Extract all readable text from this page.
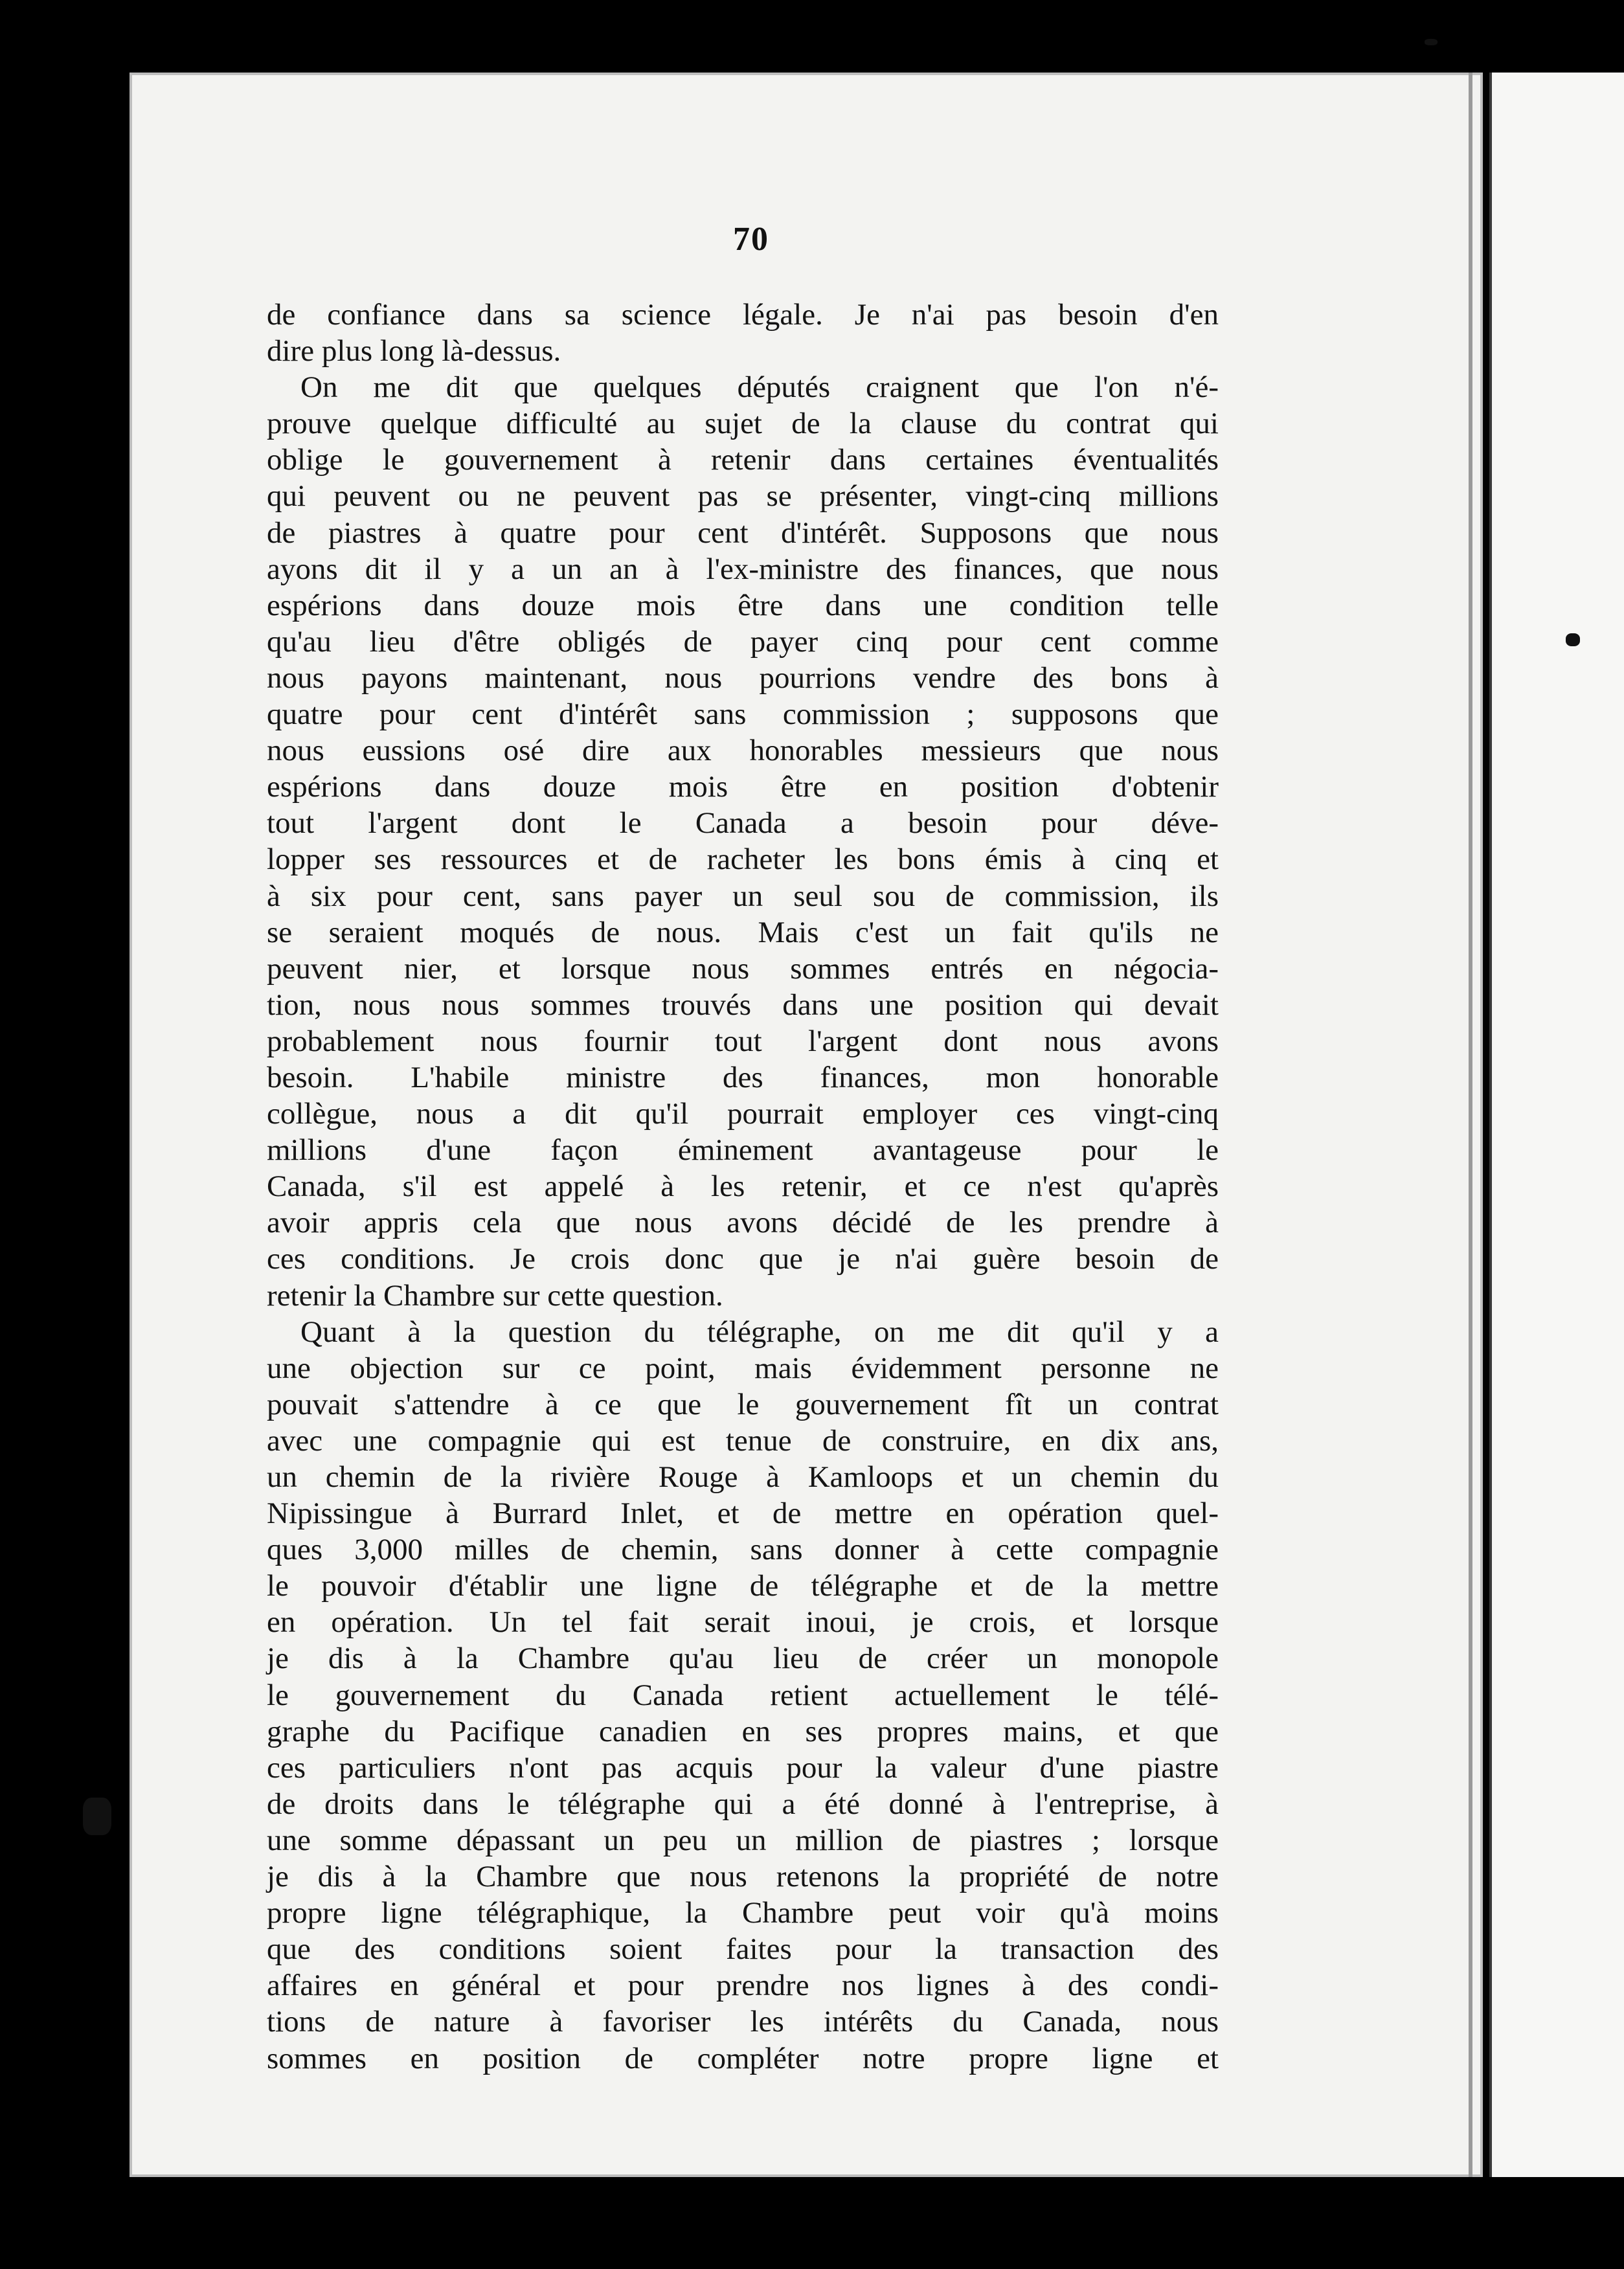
70
de confiance dans sa science légale. Je n'ai pas besoin d'en
dire plus long là-dessus.
On me dit que quelques députés craignent que l'on n'é-
prouve quelque difficulté au sujet de la clause du contrat qui
oblige le gouvernement à retenir dans certaines éventualités
qui peuvent ou ne peuvent pas se présenter, vingt-cinq millions
de piastres à quatre pour cent d'intérêt. Supposons que nous
ayons dit il y a un an à l'ex-ministre des finances, que nous
espérions dans douze mois être dans une condition telle
qu'au lieu d'être obligés de payer cinq pour cent comme
nous payons maintenant, nous pourrions vendre des bons à
quatre pour cent d'intérêt sans commission ; supposons que
nous eussions osé dire aux honorables messieurs que nous
espérions dans douze mois être en position d'obtenir
tout l'argent dont le Canada a besoin pour déve-
lopper ses ressources et de racheter les bons émis à cinq et
à six pour cent, sans payer un seul sou de commission, ils
se seraient moqués de nous. Mais c'est un fait qu'ils ne
peuvent nier, et lorsque nous sommes entrés en négocia-
tion, nous nous sommes trouvés dans une position qui devait
probablement nous fournir tout l'argent dont nous avons
besoin. L'habile ministre des finances, mon honorable
collègue, nous a dit qu'il pourrait employer ces vingt-cinq
millions d'une façon éminement avantageuse pour le
Canada, s'il est appelé à les retenir, et ce n'est qu'après
avoir appris cela que nous avons décidé de les prendre à
ces conditions. Je crois donc que je n'ai guère besoin de
retenir la Chambre sur cette question.
Quant à la question du télégraphe, on me dit qu'il y a
une objection sur ce point, mais évidemment personne ne
pouvait s'attendre à ce que le gouvernement fît un contrat
avec une compagnie qui est tenue de construire, en dix ans,
un chemin de la rivière Rouge à Kamloops et un chemin du
Nipissingue à Burrard Inlet, et de mettre en opération quel-
ques 3,000 milles de chemin, sans donner à cette compagnie
le pouvoir d'établir une ligne de télégraphe et de la mettre
en opération. Un tel fait serait inoui, je crois, et lorsque
je dis à la Chambre qu'au lieu de créer un monopole
le gouvernement du Canada retient actuellement le télé-
graphe du Pacifique canadien en ses propres mains, et que
ces particuliers n'ont pas acquis pour la valeur d'une piastre
de droits dans le télégraphe qui a été donné à l'entreprise, à
une somme dépassant un peu un million de piastres ; lorsque
je dis à la Chambre que nous retenons la propriété de notre
propre ligne télégraphique, la Chambre peut voir qu'à moins
que des conditions soient faites pour la transaction des
affaires en général et pour prendre nos lignes à des condi-
tions de nature à favoriser les intérêts du Canada, nous
sommes en position de compléter notre propre ligne et
